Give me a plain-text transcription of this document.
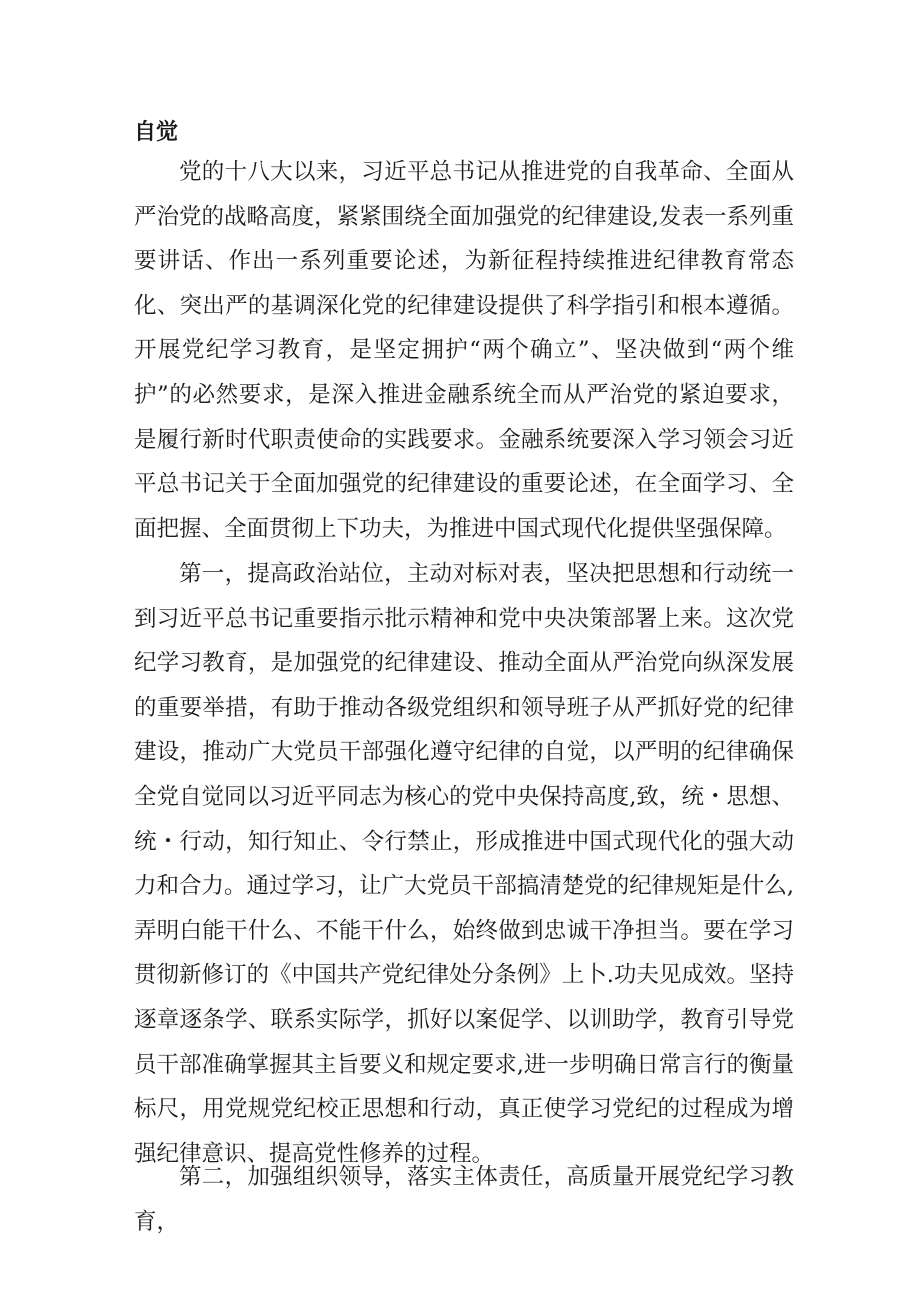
自觉

党的十八大以来，习近平总书记从推进党的自我革命、全面从严治党的战略高度，紧紧围绕全面加强党的纪律建设,发表一系列重要讲话、作出一系列重要论述，为新征程持续推进纪律教育常态化、突出严的基调深化党的纪律建设提供了科学指引和根本遵循。开展党纪学习教育，是坚定拥护“两个确立”、坚决做到“两个维护”的必然要求，是深入推进金融系统全而从严治党的紧迫要求，是履行新时代职责使命的实践要求。金融系统要深入学习领会习近平总书记关于全面加强党的纪律建设的重要论述，在全面学习、全面把握、全面贯彻上下功夫，为推进中国式现代化提供坚强保障。

第一，提高政治站位，主动对标对表，坚决把思想和行动统一到习近平总书记重要指示批示精神和党中央决策部署上来。这次党纪学习教育，是加强党的纪律建设、推动全面从严治党向纵深发展的重要举措，有助于推动各级党组织和领导班子从严抓好党的纪律建设，推动广大党员干部强化遵守纪律的自觉，以严明的纪律确保全党自觉同以习近平同志为核心的党中央保持高度,致，统・思想、统・行动，知行知止、令行禁止，形成推进中国式现代化的强大动力和合力。通过学习，让广大党员干部搞清楚党的纪律规矩是什么,弄明白能干什么、不能干什么，始终做到忠诚干净担当。要在学习贯彻新修订的《中国共产党纪律处分条例》上卜.功夫见成效。坚持逐章逐条学、联系实际学，抓好以案促学、以训助学，教育引导党员干部准确掌握其主旨要义和规定要求,进一步明确日常言行的衡量标尺，用党规党纪校正思想和行动，真正使学习党纪的过程成为增强纪律意识、提高党性修养的过程。

第二，加强组织领导，落实主体责任，高质量开展党纪学习教育，
